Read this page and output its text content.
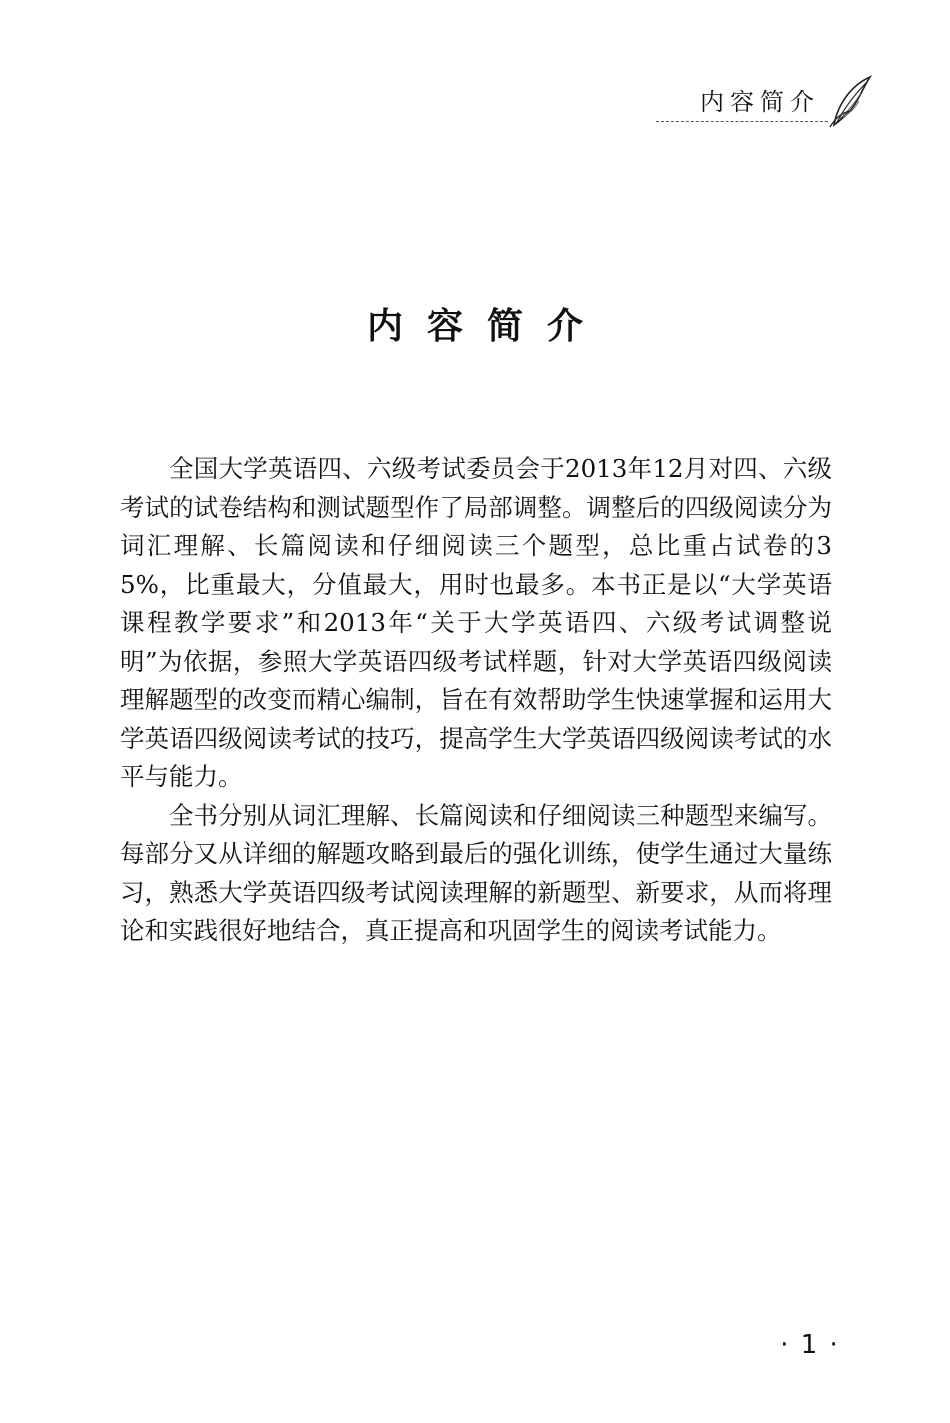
内容简介
内容简介

全国大学英语四、六级考试委员会于2013年12月对四、六级考试的试卷结构和测试题型作了局部调整。调整后的四级阅读分为词汇理解、长篇阅读和仔细阅读三个题型，总比重占试卷的35%，比重最大，分值最大，用时也最多。本书正是以“大学英语课程教学要求”和2013年“关于大学英语四、六级考试调整说明”为依据，参照大学英语四级考试样题，针对大学英语四级阅读理解题型的改变而精心编制，旨在有效帮助学生快速掌握和运用大学英语四级阅读考试的技巧，提高学生大学英语四级阅读考试的水平与能力。

全书分别从词汇理解、长篇阅读和仔细阅读三种题型来编写。每部分又从详细的解题攻略到最后的强化训练，使学生通过大量练习，熟悉大学英语四级考试阅读理解的新题型、新要求，从而将理论和实践很好地结合，真正提高和巩固学生的阅读考试能力。

· 1 ·
